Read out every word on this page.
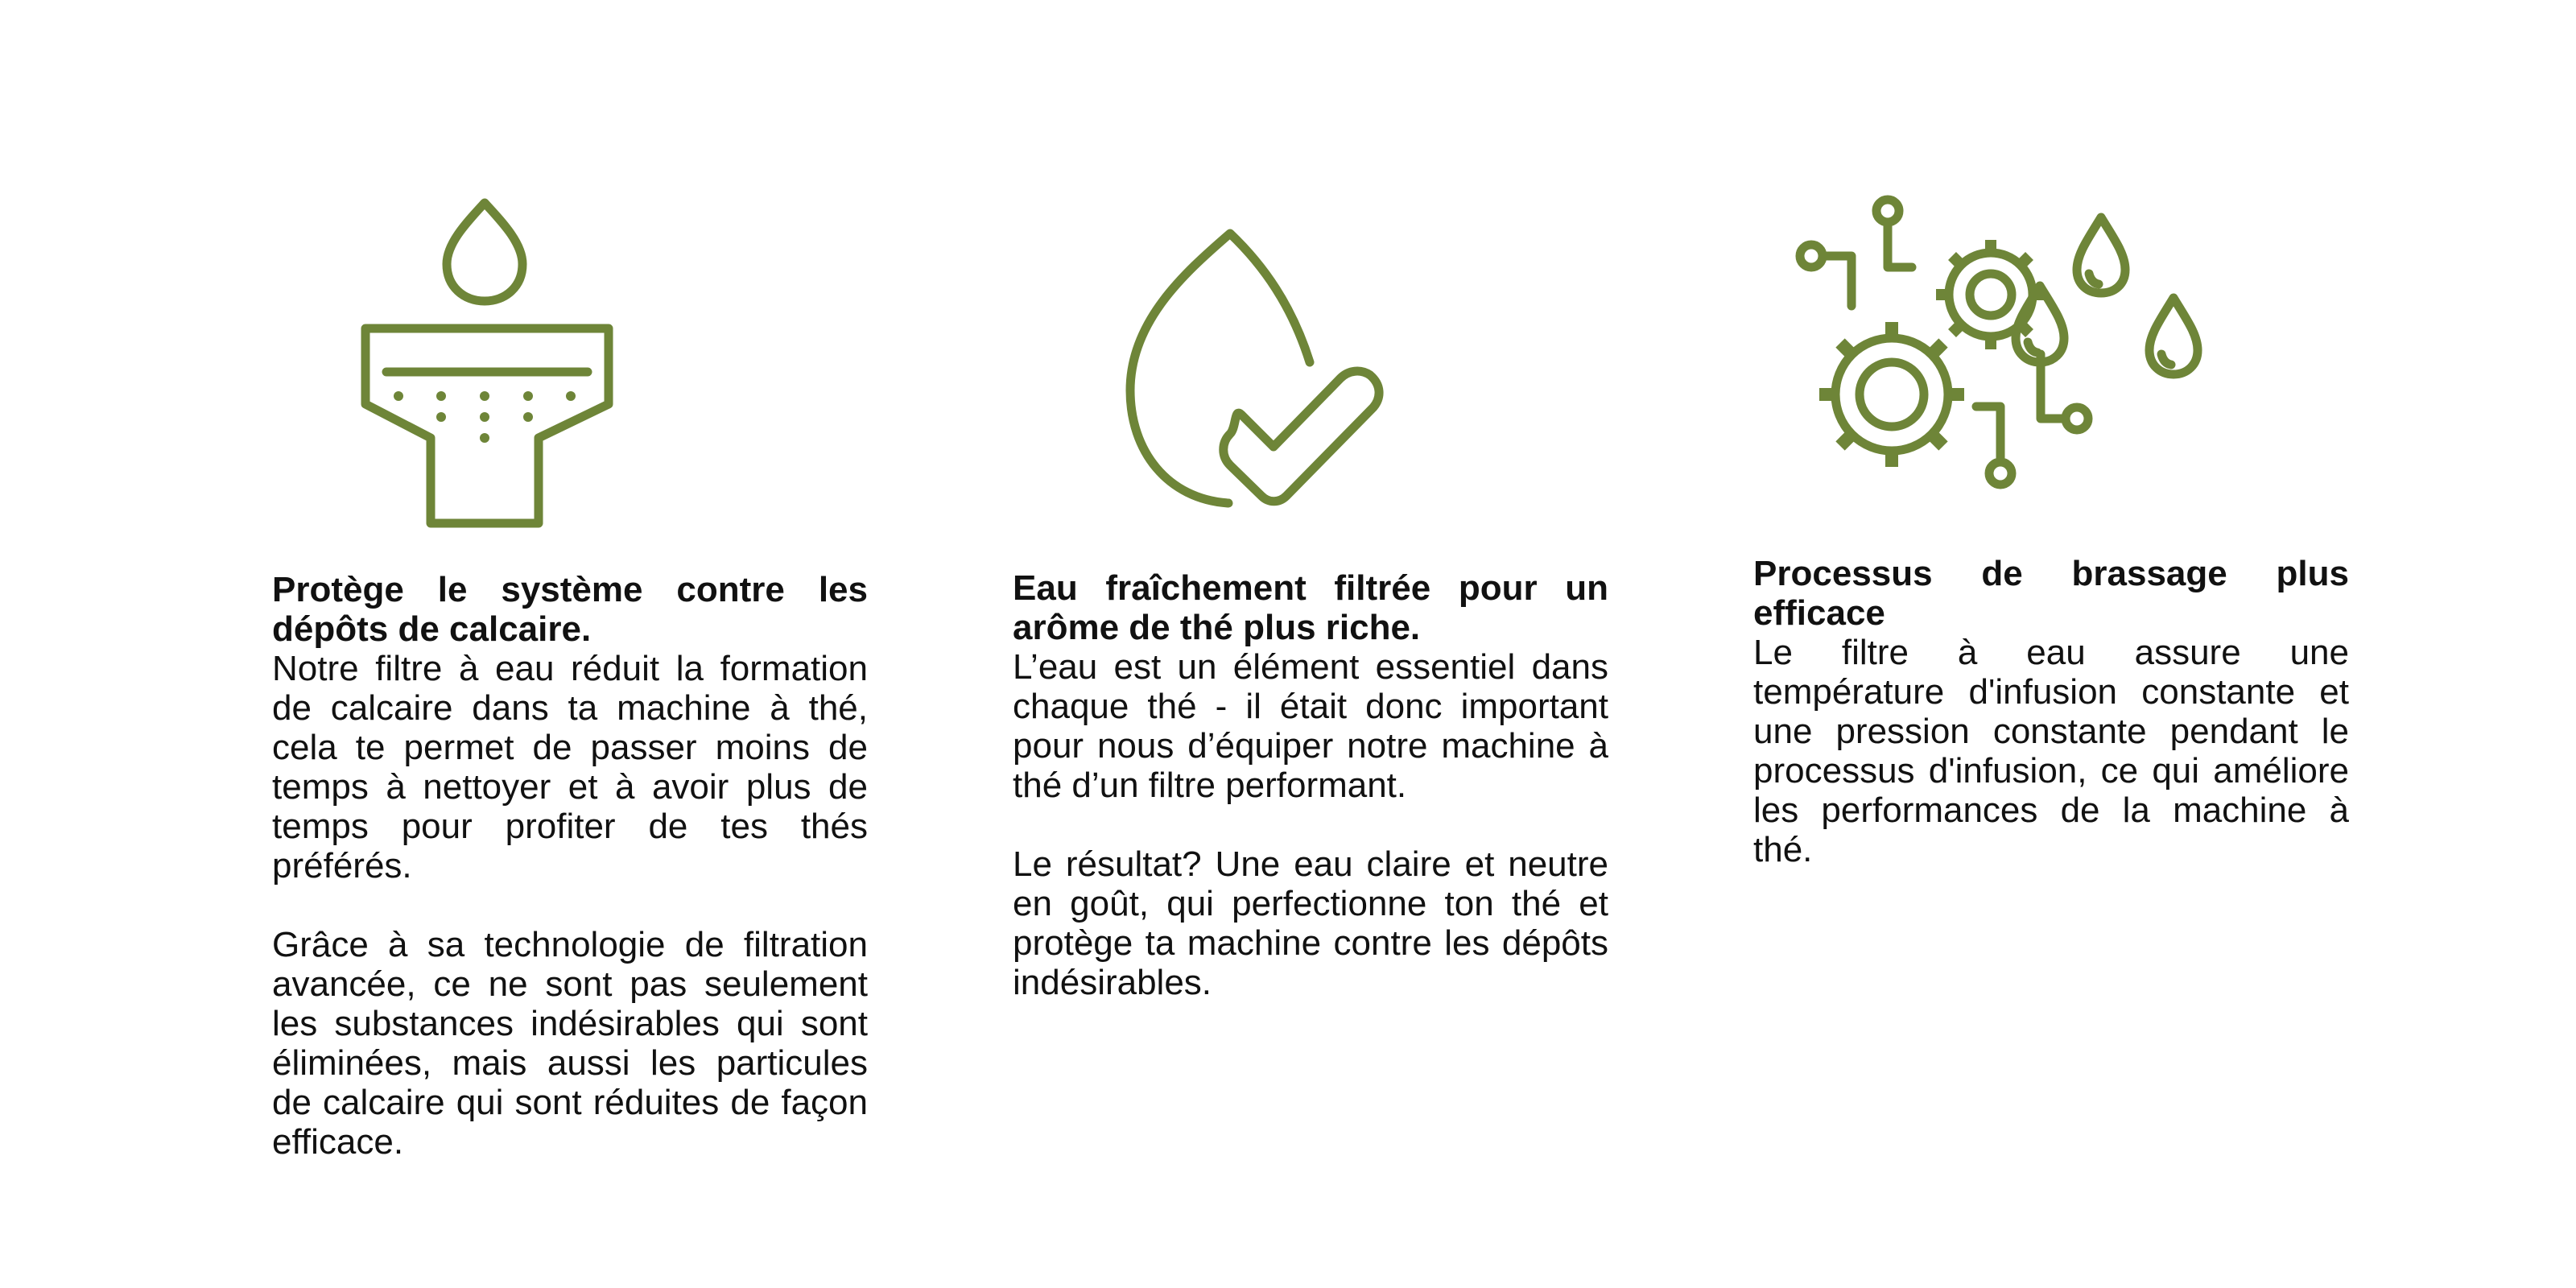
Protège le système contre les dépôts de calcaire.

Notre filtre à eau réduit la formation de calcaire dans ta machine à thé, cela te permet de passer moins de temps à nettoyer et à avoir plus de temps pour profiter de tes thés préférés.

Grâce à sa technologie de filtration avancée, ce ne sont pas seulement les substances indésirables qui sont éliminées, mais aussi les particules de calcaire qui sont réduites de façon efficace.

Eau fraîchement filtrée pour un arôme de thé plus riche.

L’eau est un élément essentiel dans chaque thé - il était donc important pour nous d’équiper notre machine à thé d’un filtre performant.

Le résultat? Une eau claire et neutre en goût, qui perfectionne ton thé et protège ta machine contre les dépôts indésirables.

Processus de brassage plus efficace

Le filtre à eau assure une température d'infusion constante et une pression constante pendant le processus d'infusion, ce qui améliore les performances de la machine à thé.
